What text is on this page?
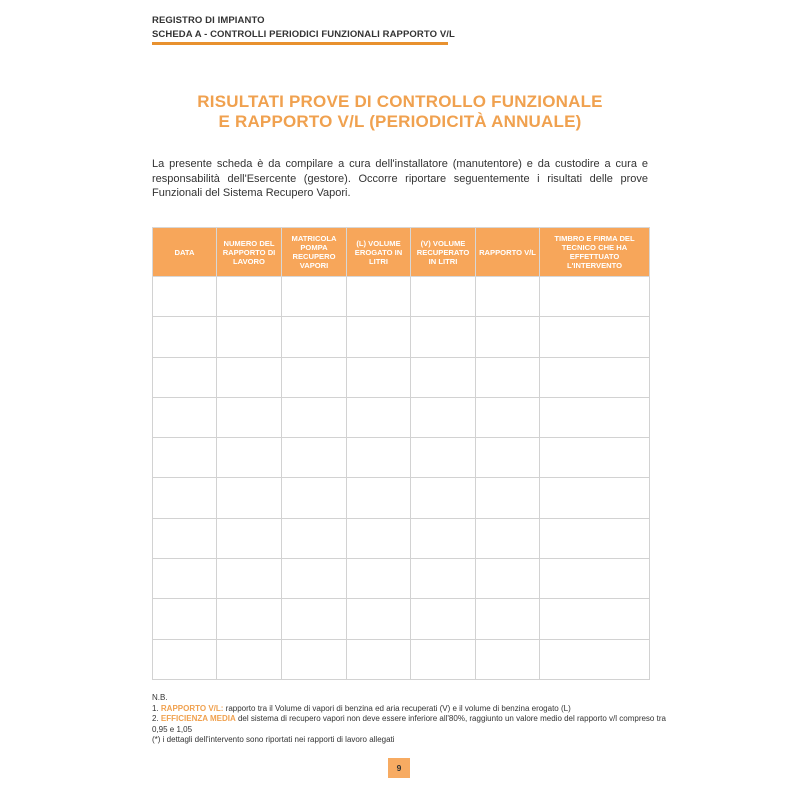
REGISTRO DI IMPIANTO
SCHEDA A - CONTROLLI PERIODICI FUNZIONALI RAPPORTO V/L
RISULTATI PROVE DI CONTROLLO FUNZIONALE
E RAPPORTO V/L (PERIODICITÀ ANNUALE)

La presente scheda è da compilare a cura dell'installatore (manutentore) e da custodire a cura e responsabilità dell'Esercente (gestore). Occorre riportare seguentemente i risultati delle prove Funzionali del Sistema Recupero Vapori.

DATA	NUMERO DEL RAPPORTO DI LAVORO	MATRICOLA POMPA RECUPERO VAPORI	(L) VOLUME EROGATO IN LITRI	(V) VOLUME RECUPERATO IN LITRI	RAPPORTO V/L	TIMBRO E FIRMA DEL TECNICO CHE HA EFFETTUATO L'INTERVENTO

N.B.
1. RAPPORTO V/L: rapporto tra il Volume di vapori di benzina ed aria recuperati (V) e il volume di benzina erogato (L)
2. EFFICIENZA MEDIA del sistema di recupero vapori non deve essere inferiore all'80%, raggiunto un valore medio del rapporto v/l compreso tra 0,95 e 1,05
(*) i dettagli dell'intervento sono riportati nei rapporti di lavoro allegati
9
